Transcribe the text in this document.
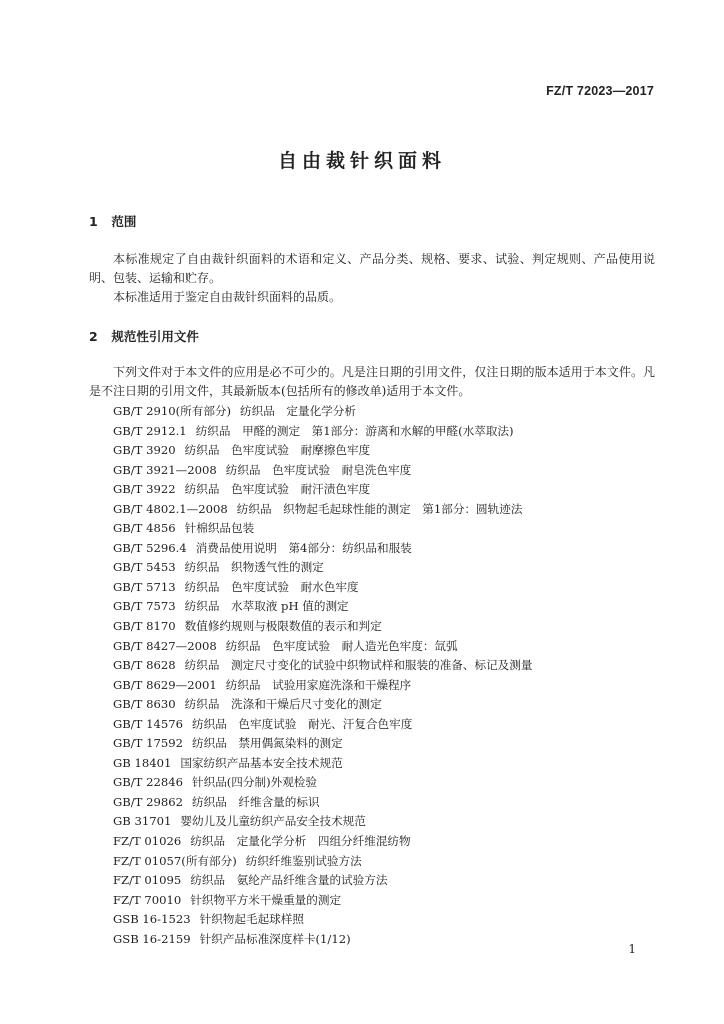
FZ/T 72023—2017
自由裁针织面料
1 范围
本标准规定了自由裁针织面料的术语和定义、产品分类、规格、要求、试验、判定规则、产品使用说明、包装、运输和贮存。
本标准适用于鉴定自由裁针织面料的品质。
2 规范性引用文件
下列文件对于本文件的应用是必不可少的。凡是注日期的引用文件，仅注日期的版本适用于本文件。凡是不注日期的引用文件，其最新版本(包括所有的修改单)适用于本文件。
GB/T 2910(所有部分) 纺织品　定量化学分析
GB/T 2912.1 纺织品　甲醛的测定　第1部分：游离和水解的甲醛(水萃取法)
GB/T 3920 纺织品　色牢度试验　耐摩擦色牢度
GB/T 3921—2008 纺织品　色牢度试验　耐皂洗色牢度
GB/T 3922 纺织品　色牢度试验　耐汗渍色牢度
GB/T 4802.1—2008 纺织品　织物起毛起球性能的测定　第1部分：圆轨迹法
GB/T 4856 针棉织品包装
GB/T 5296.4 消费品使用说明　第4部分：纺织品和服装
GB/T 5453 纺织品　织物透气性的测定
GB/T 5713 纺织品　色牢度试验　耐水色牢度
GB/T 7573 纺织品　水萃取液 pH 值的测定
GB/T 8170 数值修约规则与极限数值的表示和判定
GB/T 8427—2008 纺织品　色牢度试验　耐人造光色牢度：氙弧
GB/T 8628 纺织品　测定尺寸变化的试验中织物试样和服装的准备、标记及测量
GB/T 8629—2001 纺织品　试验用家庭洗涤和干燥程序
GB/T 8630 纺织品　洗涤和干燥后尺寸变化的测定
GB/T 14576 纺织品　色牢度试验　耐光、汗复合色牢度
GB/T 17592 纺织品　禁用偶氮染料的测定
GB 18401 国家纺织产品基本安全技术规范
GB/T 22846 针织品(四分制)外观检验
GB/T 29862 纺织品　纤维含量的标识
GB 31701 婴幼儿及儿童纺织产品安全技术规范
FZ/T 01026 纺织品　定量化学分析　四组分纤维混纺物
FZ/T 01057(所有部分) 纺织纤维鉴别试验方法
FZ/T 01095 纺织品　氨纶产品纤维含量的试验方法
FZ/T 70010 针织物平方米干燥重量的测定
GSB 16-1523 针织物起毛起球样照
GSB 16-2159 针织产品标准深度样卡(1/12)
1
